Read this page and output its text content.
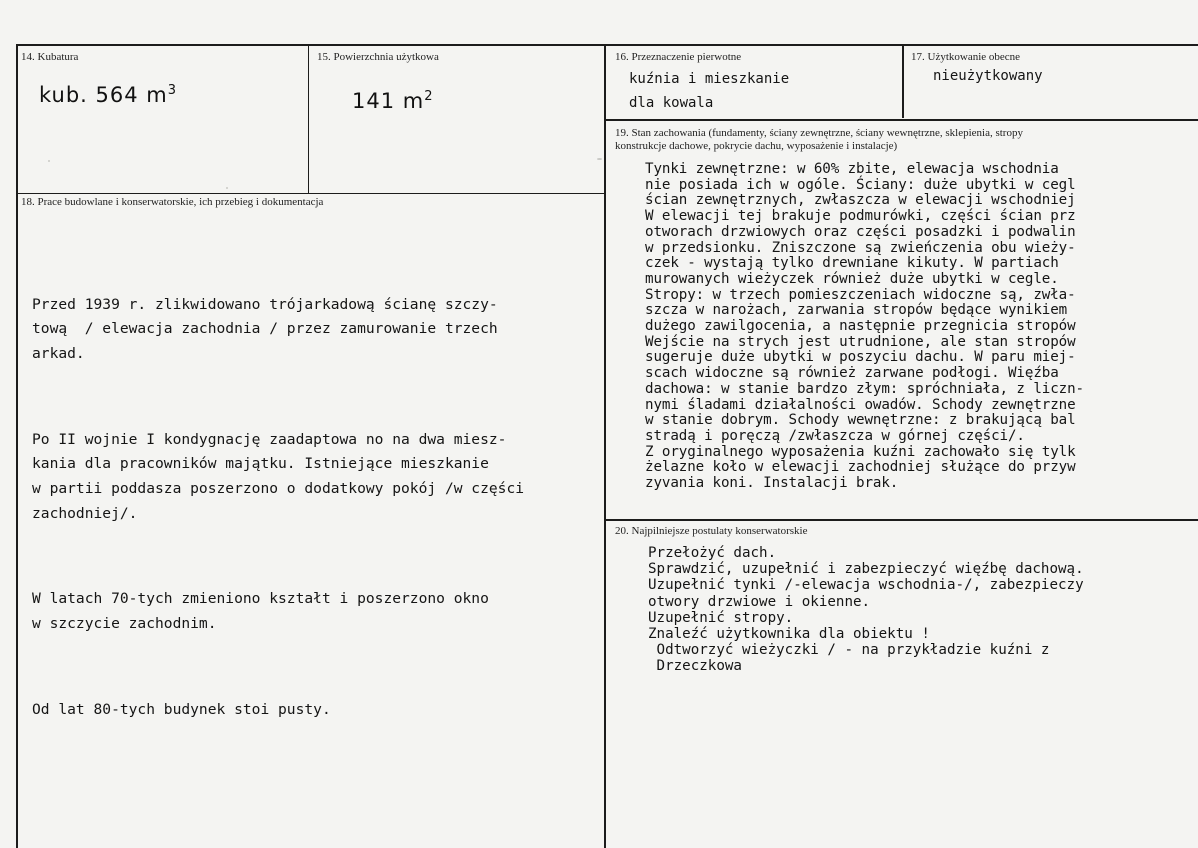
14. Kubatura
kub. 564 $m^3$
15. Powierzchnia użytkowa
141 $m^2$
16. Przeznaczenie pierwotne
kuźnia i mieszkanie
dla kowala
17. Użytkowanie obecne
nieużytkowany
18. Prace budowlane i konserwatorskie, ich przebieg i dokumentacja

Przed 1939 r. zlikwidowano trójarkadową ścianę szczy-
tową  / elewacja zachodnia / przez zamurowanie trzech
arkad.

Po II wojnie I kondygnację zaadaptowa no na dwa miesz-
kania dla pracowników majątku. Istniejące mieszkanie
w partii poddasza poszerzono o dodatkowy pokój /w części
zachodniej/.

W latach 70-tych zmieniono kształt i poszerzono okno
w szczycie zachodnim.

Od lat 80-tych budynek stoi pusty.

19. Stan zachowania (fundamenty, ściany zewnętrzne, ściany wewnętrzne, sklepienia, stropy
konstrukcje dachowe, pokrycie dachu, wyposażenie i instalacje)
Tynki zewnętrzne: w 60% zbite, elewacja wschodnia
nie posiada ich w ogóle. Ściany: duże ubytki w cegl
ścian zewnętrznych, zwłaszcza w elewacji wschodniej
W elewacji tej brakuje podmurówki, części ścian prz
otworach drzwiowych oraz części posadzki i podwalin
w przedsionku. Zniszczone są zwieńczenia obu wieży-
czek - wystają tylko drewniane kikuty. W partiach
murowanych wieżyczek również duże ubytki w cegle.
Stropy: w trzech pomieszczeniach widoczne są, zwła-
szcza w narożach, zarwania stropów będące wynikiem
dużego zawilgocenia, a następnie przegnicia stropów
Wejście na strych jest utrudnione, ale stan stropów
sugeruje duże ubytki w poszyciu dachu. W paru miej-
scach widoczne są również zarwane podłogi. Więźba
dachowa: w stanie bardzo złym: spróchniała, z liczn-
nymi śladami działalności owadów. Schody zewnętrzne
w stanie dobrym. Schody wewnętrzne: z brakującą bal
stradą i poręczą /zwłaszcza w górnej części/.
Z oryginalnego wyposażenia kuźni zachowało się tylk
żelazne koło w elewacji zachodniej służące do przyw
zyvania koni. Instalacji brak.
20. Najpilniejsze postulaty konserwatorskie
Przełożyć dach.
Sprawdzić, uzupełnić i zabezpieczyć więźbę dachową.
Uzupełnić tynki /-elewacja wschodnia-/, zabezpieczy
otwory drzwiowe i okienne.
Uzupełnić stropy.
Znaleźć użytkownika dla obiektu !
Odtworzyć wieżyczki / - na przykładzie kuźni z
Drzeczkowa
